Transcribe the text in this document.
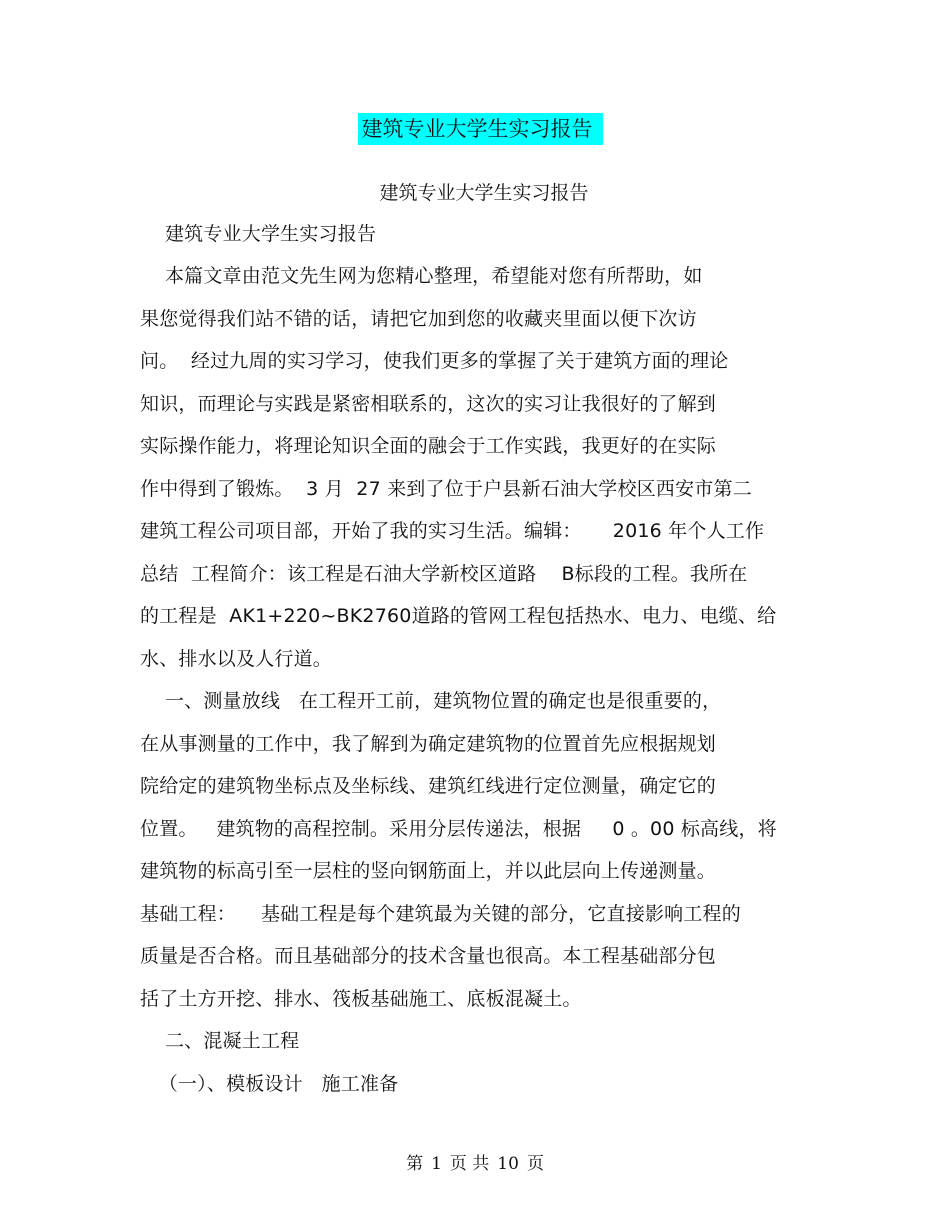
建筑专业大学生实习报告
建筑专业大学生实习报告
建筑专业大学生实习报告
本篇文章由范文先生网为您精心整理，希望能对您有所帮助，如
果您觉得我们站不错的话，请把它加到您的收藏夹里面以便下次访
问。  经过九周的实习学习，使我们更多的掌握了关于建筑方面的理论
知识，而理论与实践是紧密相联系的，这次的实习让我很好的了解到
实际操作能力，将理论知识全面的融会于工作实践，我更好的在实际
作中得到了锻炼。  3 月  27 来到了位于户县新石油大学校区西安市第二
建筑工程公司项目部，开始了我的实习生活。编辑：     2016 年个人工作
总结  工程简介：该工程是石油大学新校区道路    B标段的工程。我所在
的工程是  AK1+220~BK2760道路的管网工程包括热水、电力、电缆、给
水、排水以及人行道。
一、测量放线   在工程开工前，建筑物位置的确定也是很重要的，
在从事测量的工作中，我了解到为确定建筑物的位置首先应根据规划
院给定的建筑物坐标点及坐标线、建筑红线进行定位测量，确定它的
位置。   建筑物的高程控制。采用分层传递法，根据     0 。00 标高线，将
建筑物的标高引至一层柱的竖向钢筋面上，并以此层向上传递测量。
基础工程：    基础工程是每个建筑最为关键的部分，它直接影响工程的
质量是否合格。而且基础部分的技术含量也很高。本工程基础部分包
括了土方开挖、排水、筏板基础施工、底板混凝土。
二、混凝土工程
（一）、模板设计   施工准备
第 1 页 共 10 页
